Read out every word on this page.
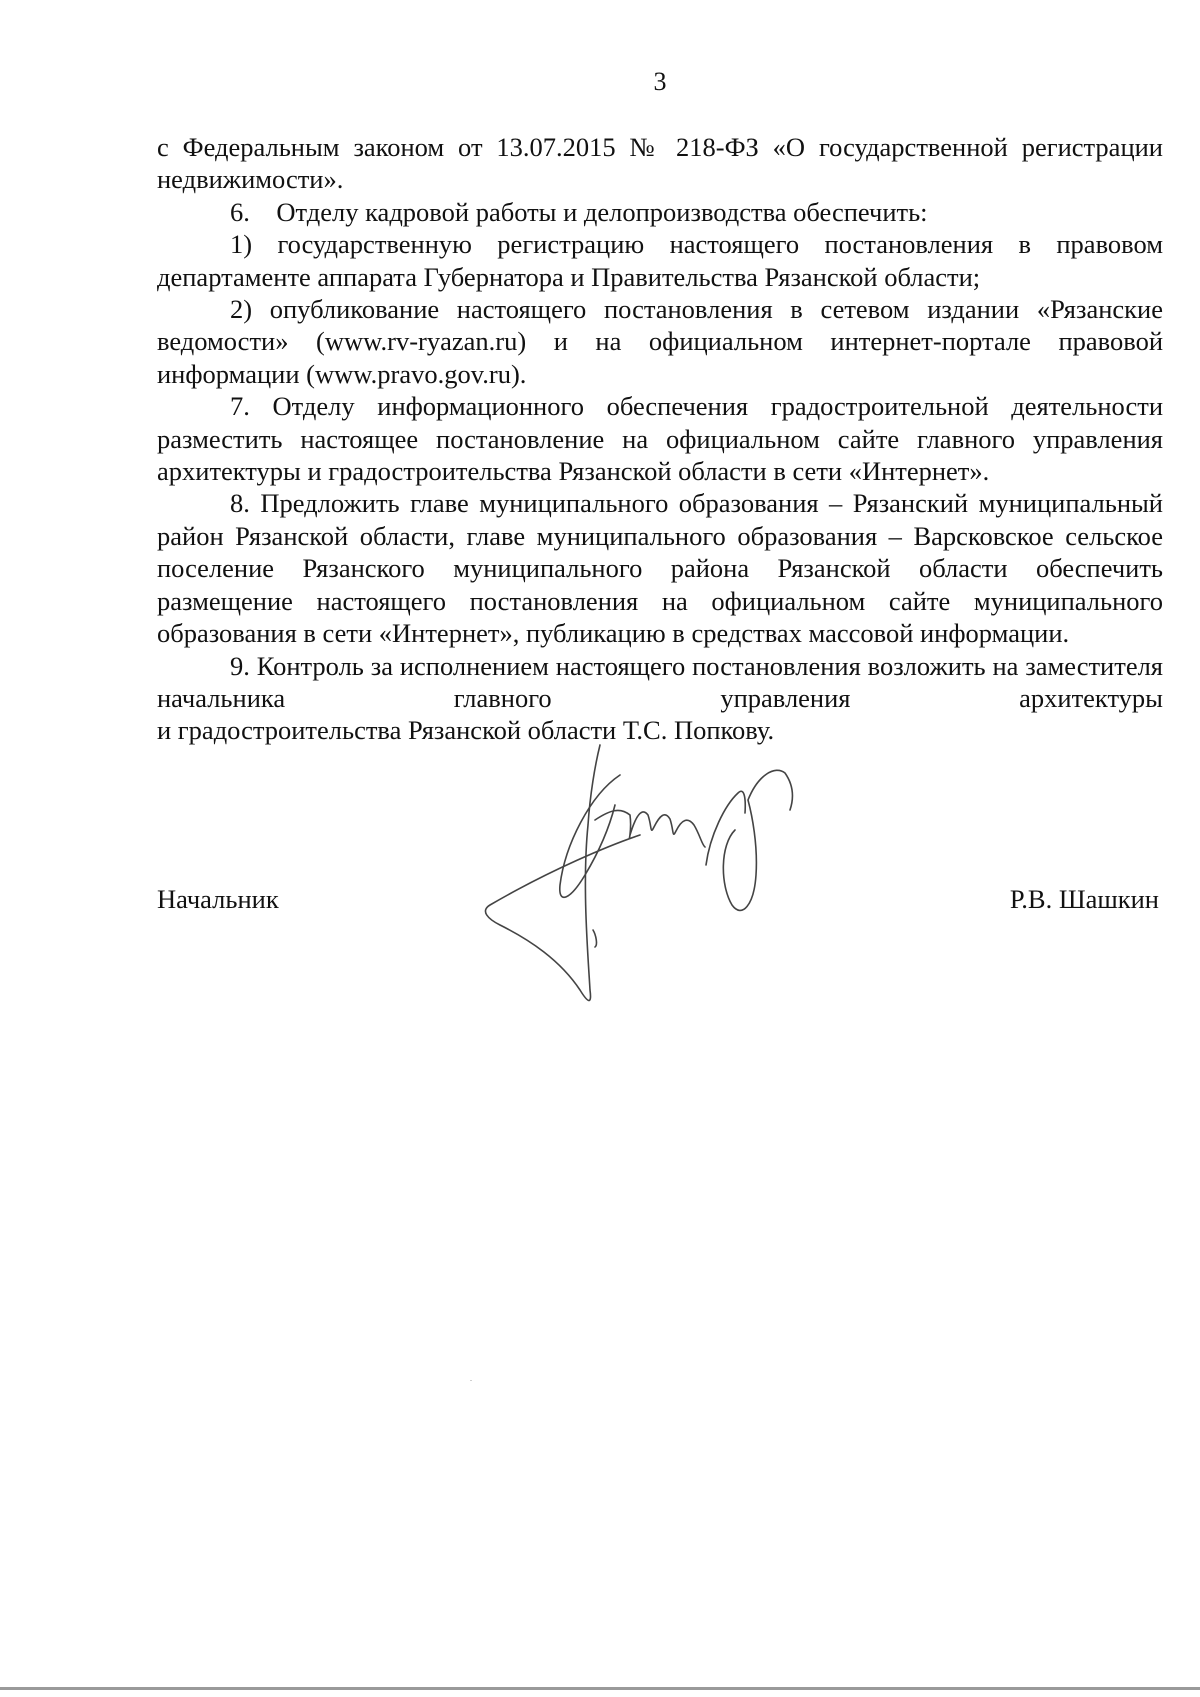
3

с Федеральным законом от 13.07.2015 № 218-ФЗ «О государственной регистрации недвижимости».

6.    Отделу кадровой работы и делопроизводства обеспечить:

1) государственную регистрацию настоящего постановления в правовом департаменте аппарата Губернатора и Правительства Рязанской области;

2) опубликование настоящего постановления в сетевом издании «Рязанские ведомости» (www.rv-ryazan.ru) и на официальном интернет-портале правовой информации (www.pravo.gov.ru).

7. Отделу информационного обеспечения градостроительной деятельности разместить настоящее постановление на официальном сайте главного управления архитектуры и градостроительства Рязанской области в сети «Интернет».

8. Предложить главе муниципального образования – Рязанский муниципальный район Рязанской области, главе муниципального образования – Варсковское сельское поселение Рязанского муниципального района Рязанской области обеспечить размещение настоящего постановления на официальном сайте муниципального образования в сети «Интернет», публикацию в средствах массовой информации.

9. Контроль за исполнением настоящего постановления возложить на заместителя начальника главного управления архитектуры

и градостроительства Рязанской области Т.С. Попкову.

Начальник	Р.В. Шашкин
